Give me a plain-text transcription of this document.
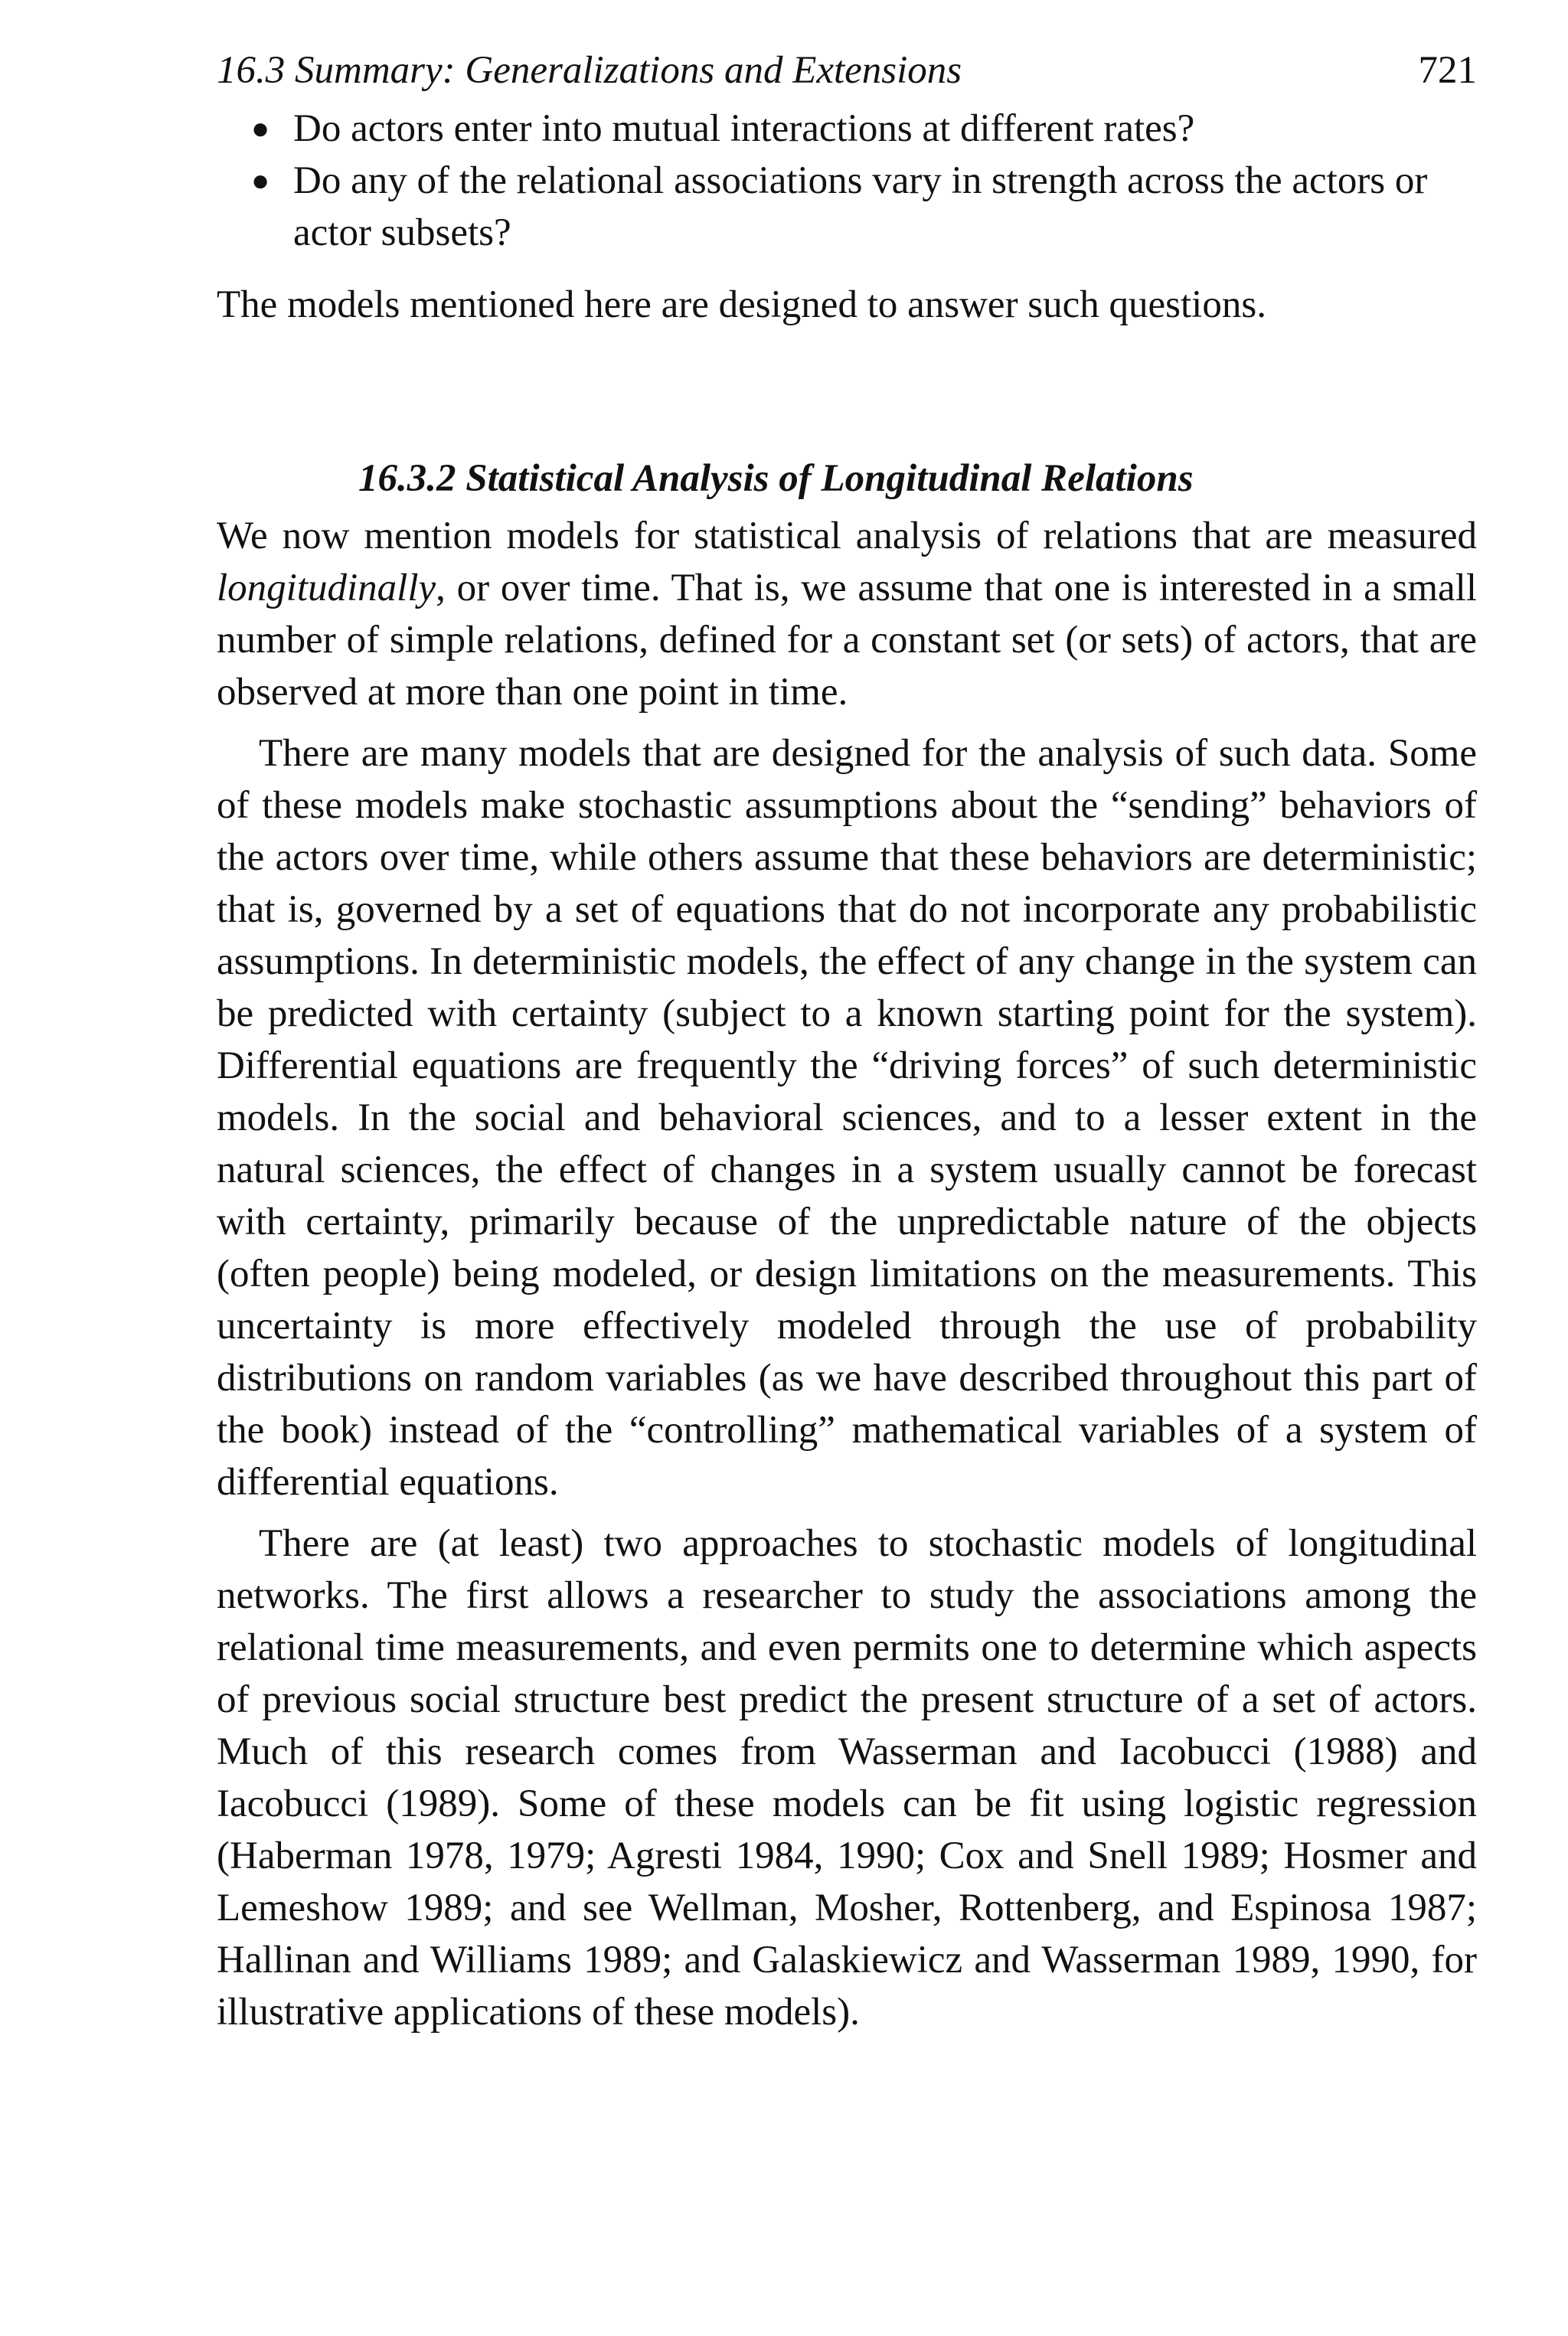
16.3 Summary: Generalizations and Extensions	721
● Do actors enter into mutual interactions at different rates?
● Do any of the relational associations vary in strength across the actors or actor subsets?

The models mentioned here are designed to answer such questions.

16.3.2 Statistical Analysis of Longitudinal Relations

We now mention models for statistical analysis of relations that are measured longitudinally, or over time. That is, we assume that one is interested in a small number of simple relations, defined for a constant set (or sets) of actors, that are observed at more than one point in time.

There are many models that are designed for the analysis of such data. Some of these models make stochastic assumptions about the “sending” behaviors of the actors over time, while others assume that these behaviors are deterministic; that is, governed by a set of equations that do not incorporate any probabilistic assumptions. In deterministic models, the effect of any change in the system can be predicted with certainty (subject to a known starting point for the system). Differential equations are frequently the “driving forces” of such deterministic models. In the social and behavioral sciences, and to a lesser extent in the natural sciences, the effect of changes in a system usually cannot be forecast with certainty, primarily because of the unpredictable nature of the objects (often people) being modeled, or design limitations on the measurements. This uncertainty is more effectively modeled through the use of probability distributions on random variables (as we have described throughout this part of the book) instead of the “controlling” mathematical variables of a system of differential equations.

There are (at least) two approaches to stochastic models of longitudinal networks. The first allows a researcher to study the associations among the relational time measurements, and even permits one to determine which aspects of previous social structure best predict the present structure of a set of actors. Much of this research comes from Wasserman and Iacobucci (1988) and Iacobucci (1989). Some of these models can be fit using logistic regression (Haberman 1978, 1979; Agresti 1984, 1990; Cox and Snell 1989; Hosmer and Lemeshow 1989; and see Wellman, Mosher, Rottenberg, and Espinosa 1987; Hallinan and Williams 1989; and Galaskiewicz and Wasserman 1989, 1990, for illustrative applications of these models).
